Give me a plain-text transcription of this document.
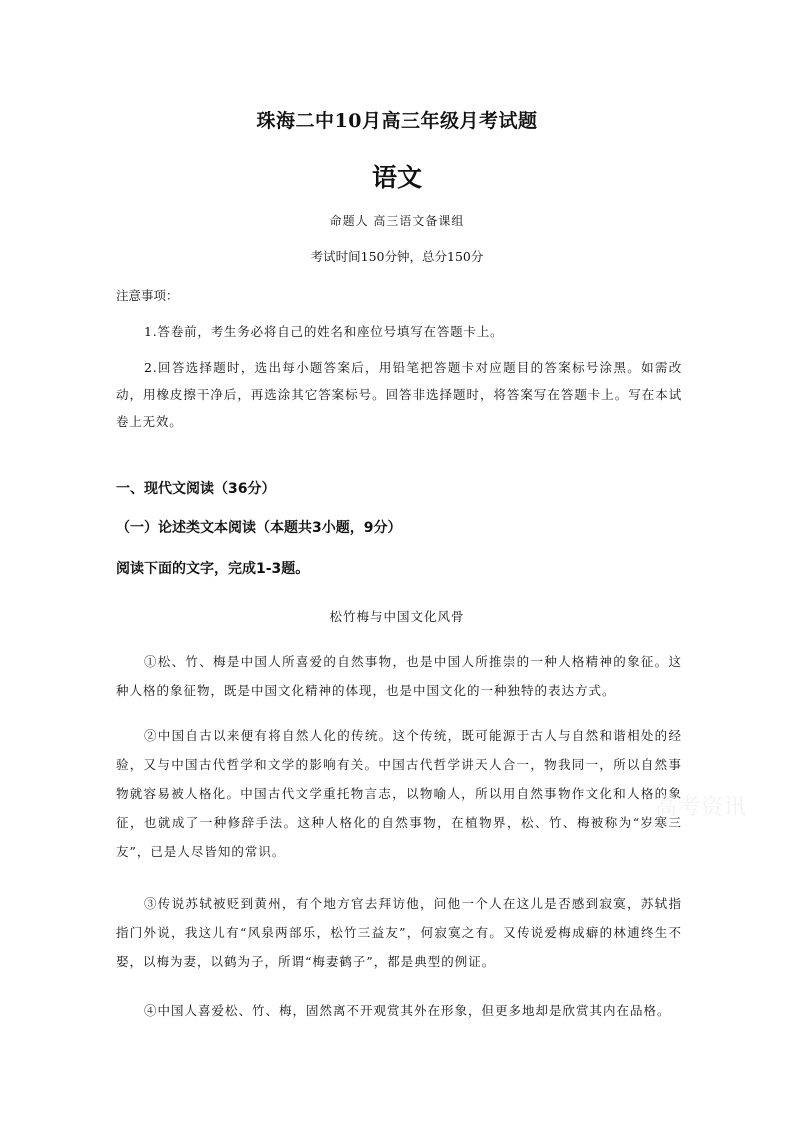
珠海二中10月高三年级月考试题
语文
命题人 高三语文备课组
考试时间150分钟，总分150分
注意事项：
1.答卷前，考生务必将自己的姓名和座位号填写在答题卡上。
2.回答选择题时，选出每小题答案后，用铅笔把答题卡对应题目的答案标号涂黑。如需改动，用橡皮擦干净后，再选涂其它答案标号。回答非选择题时，将答案写在答题卡上。写在本试卷上无效。
一、现代文阅读（36分）
（一）论述类文本阅读（本题共3小题，9分）
阅读下面的文字，完成1-3题。
松竹梅与中国文化风骨
①松、竹、梅是中国人所喜爱的自然事物，也是中国人所推崇的一种人格精神的象征。这种人格的象征物，既是中国文化精神的体现，也是中国文化的一种独特的表达方式。
②中国自古以来便有将自然人化的传统。这个传统，既可能源于古人与自然和谐相处的经验，又与中国古代哲学和文学的影响有关。中国古代哲学讲天人合一，物我同一，所以自然事物就容易被人格化。中国古代文学重托物言志，以物喻人，所以用自然事物作文化和人格的象征，也就成了一种修辞手法。这种人格化的自然事物，在植物界，松、竹、梅被称为“岁寒三友”，已是人尽皆知的常识。
③传说苏轼被贬到黄州，有个地方官去拜访他，问他一个人在这儿是否感到寂寞，苏轼指指门外说，我这儿有“风泉两部乐，松竹三益友”，何寂寞之有。又传说爱梅成癖的林逋终生不娶，以梅为妻，以鹤为子，所谓“梅妻鹤子”，都是典型的例证。
④中国人喜爱松、竹、梅，固然离不开观赏其外在形象，但更多地却是欣赏其内在品格。
高考资讯
